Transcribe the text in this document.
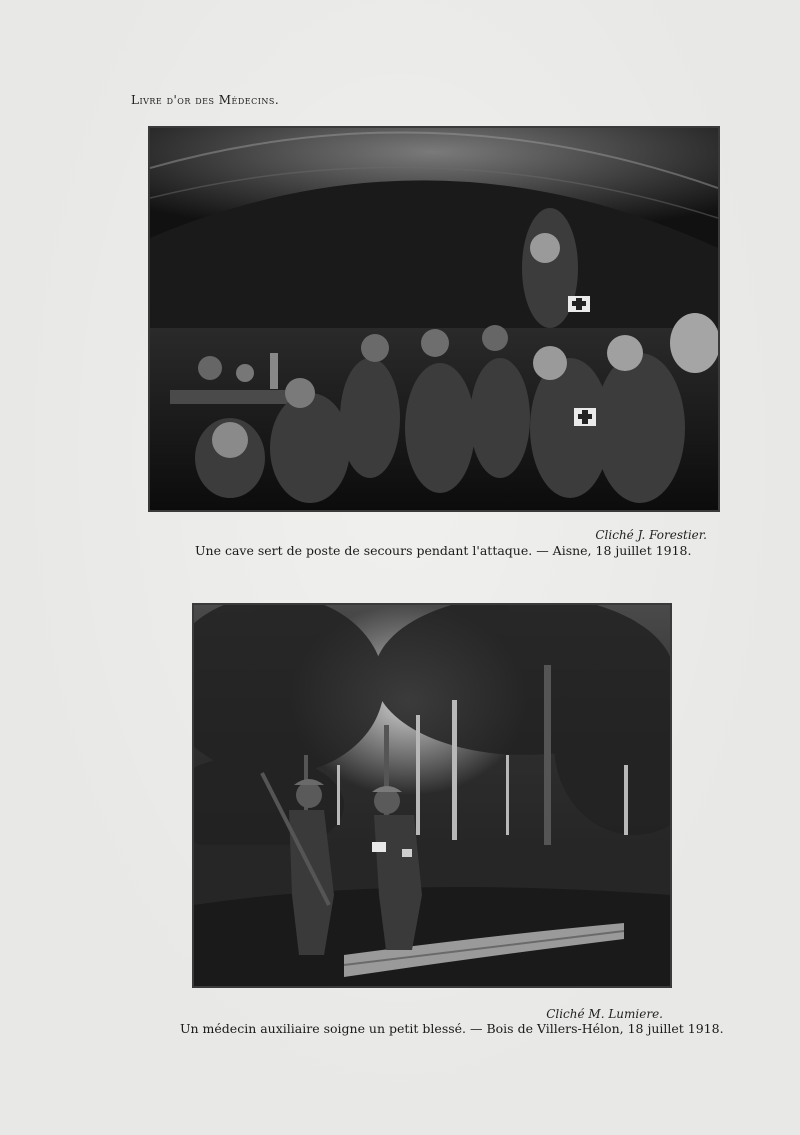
Livre d'or des Médecins.
Cliché J. Forestier.
Une cave sert de poste de secours pendant l'attaque. — Aisne, 18 juillet 1918.

Cliché M. Lumiere.
Un médecin auxiliaire soigne un petit blessé. — Bois de Villers-Hélon, 18 juillet 1918.
